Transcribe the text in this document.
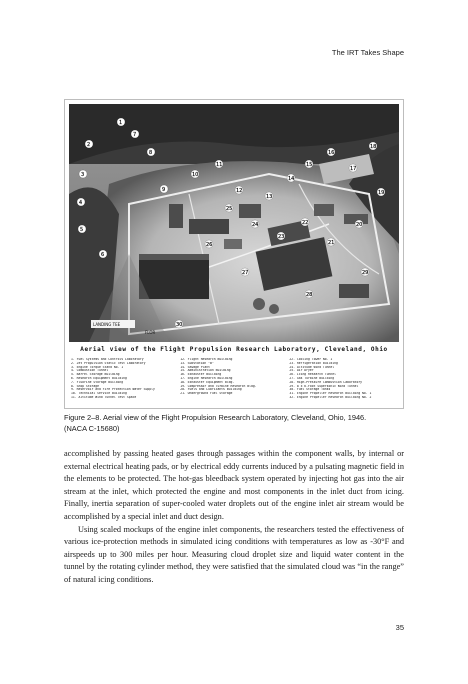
The IRT Takes Shape
1
2
3
4
5
6
7
8
9
10
11
12
13
14
15
16
17
18
19
20
21
22
23
24
25
26
27
28
29
30
LANDING TEE
FLOR
Aerial view of the Flight Propulsion Research Laboratory, Cleveland, Ohio
1. Fuel Systems and Controls Laboratory
2. Jet Propulsion Static Test Laboratory
3. Engine Torque Stand No. 1
4. Combustion Tunnel
5. Barrel Storage Building
6. Research Equipment Building
7. Fluorine Storage Building
8. Shop Storage
9. Reservoir and Fire Protection Water Supply
10. Technical Service Building
11. Altitude Wind Tunnel Test Space
12. Flight Research Building
13. Substation "B"
14. Sewage Plant
15. Administration Building
16. Exhauster Building
17. Engine Research Building
18. Exhauster Equipment Bldg.
19. Compressor and Turbine Research Bldg.
20. Fuels and Lubricants Building
21. Underground Fuel Storage
22. Cooling Tower No. 1
23. Refrigeration Building
24. Altitude Wind Tunnel
25. Air Dryer
26. Icing Research Tunnel
27. Gas Turbine Building
28. High-Pressure Combustion Laboratory
29. 8 x 6-Foot Supersonic Wind Tunnel
30. Fuel Storage Tanks
31. Engine Propeller Research Building No. 1
32. Engine Propeller Research Building No. 2
Figure 2–8. Aerial view of the Flight Propulsion Research Laboratory, Cleveland, Ohio, 1946.
(NACA C-15680)

accomplished by passing heated gases through passages within the component walls, by internal or external electrical heating pads, or by electrical eddy currents induced by a pulsating magnetic field in the elements to be protected. The hot-gas bleedback system operated by injecting hot gas into the air stream at the inlet, which protected the engine and most components in the inlet duct from icing. Finally, inertia separation of super-cooled water droplets out of the engine inlet air stream would be accomplished by a special inlet and duct design.

Using scaled mockups of the engine inlet components, the researchers tested the effectiveness of various ice-protection methods in simulated icing conditions with temperatures as low as -30°F and airspeeds up to 300 miles per hour. Measuring cloud droplet size and liquid water content in the tunnel by the rotating cylinder method, they were satisfied that the simulated cloud was “in the range” of natural icing conditions.

35
